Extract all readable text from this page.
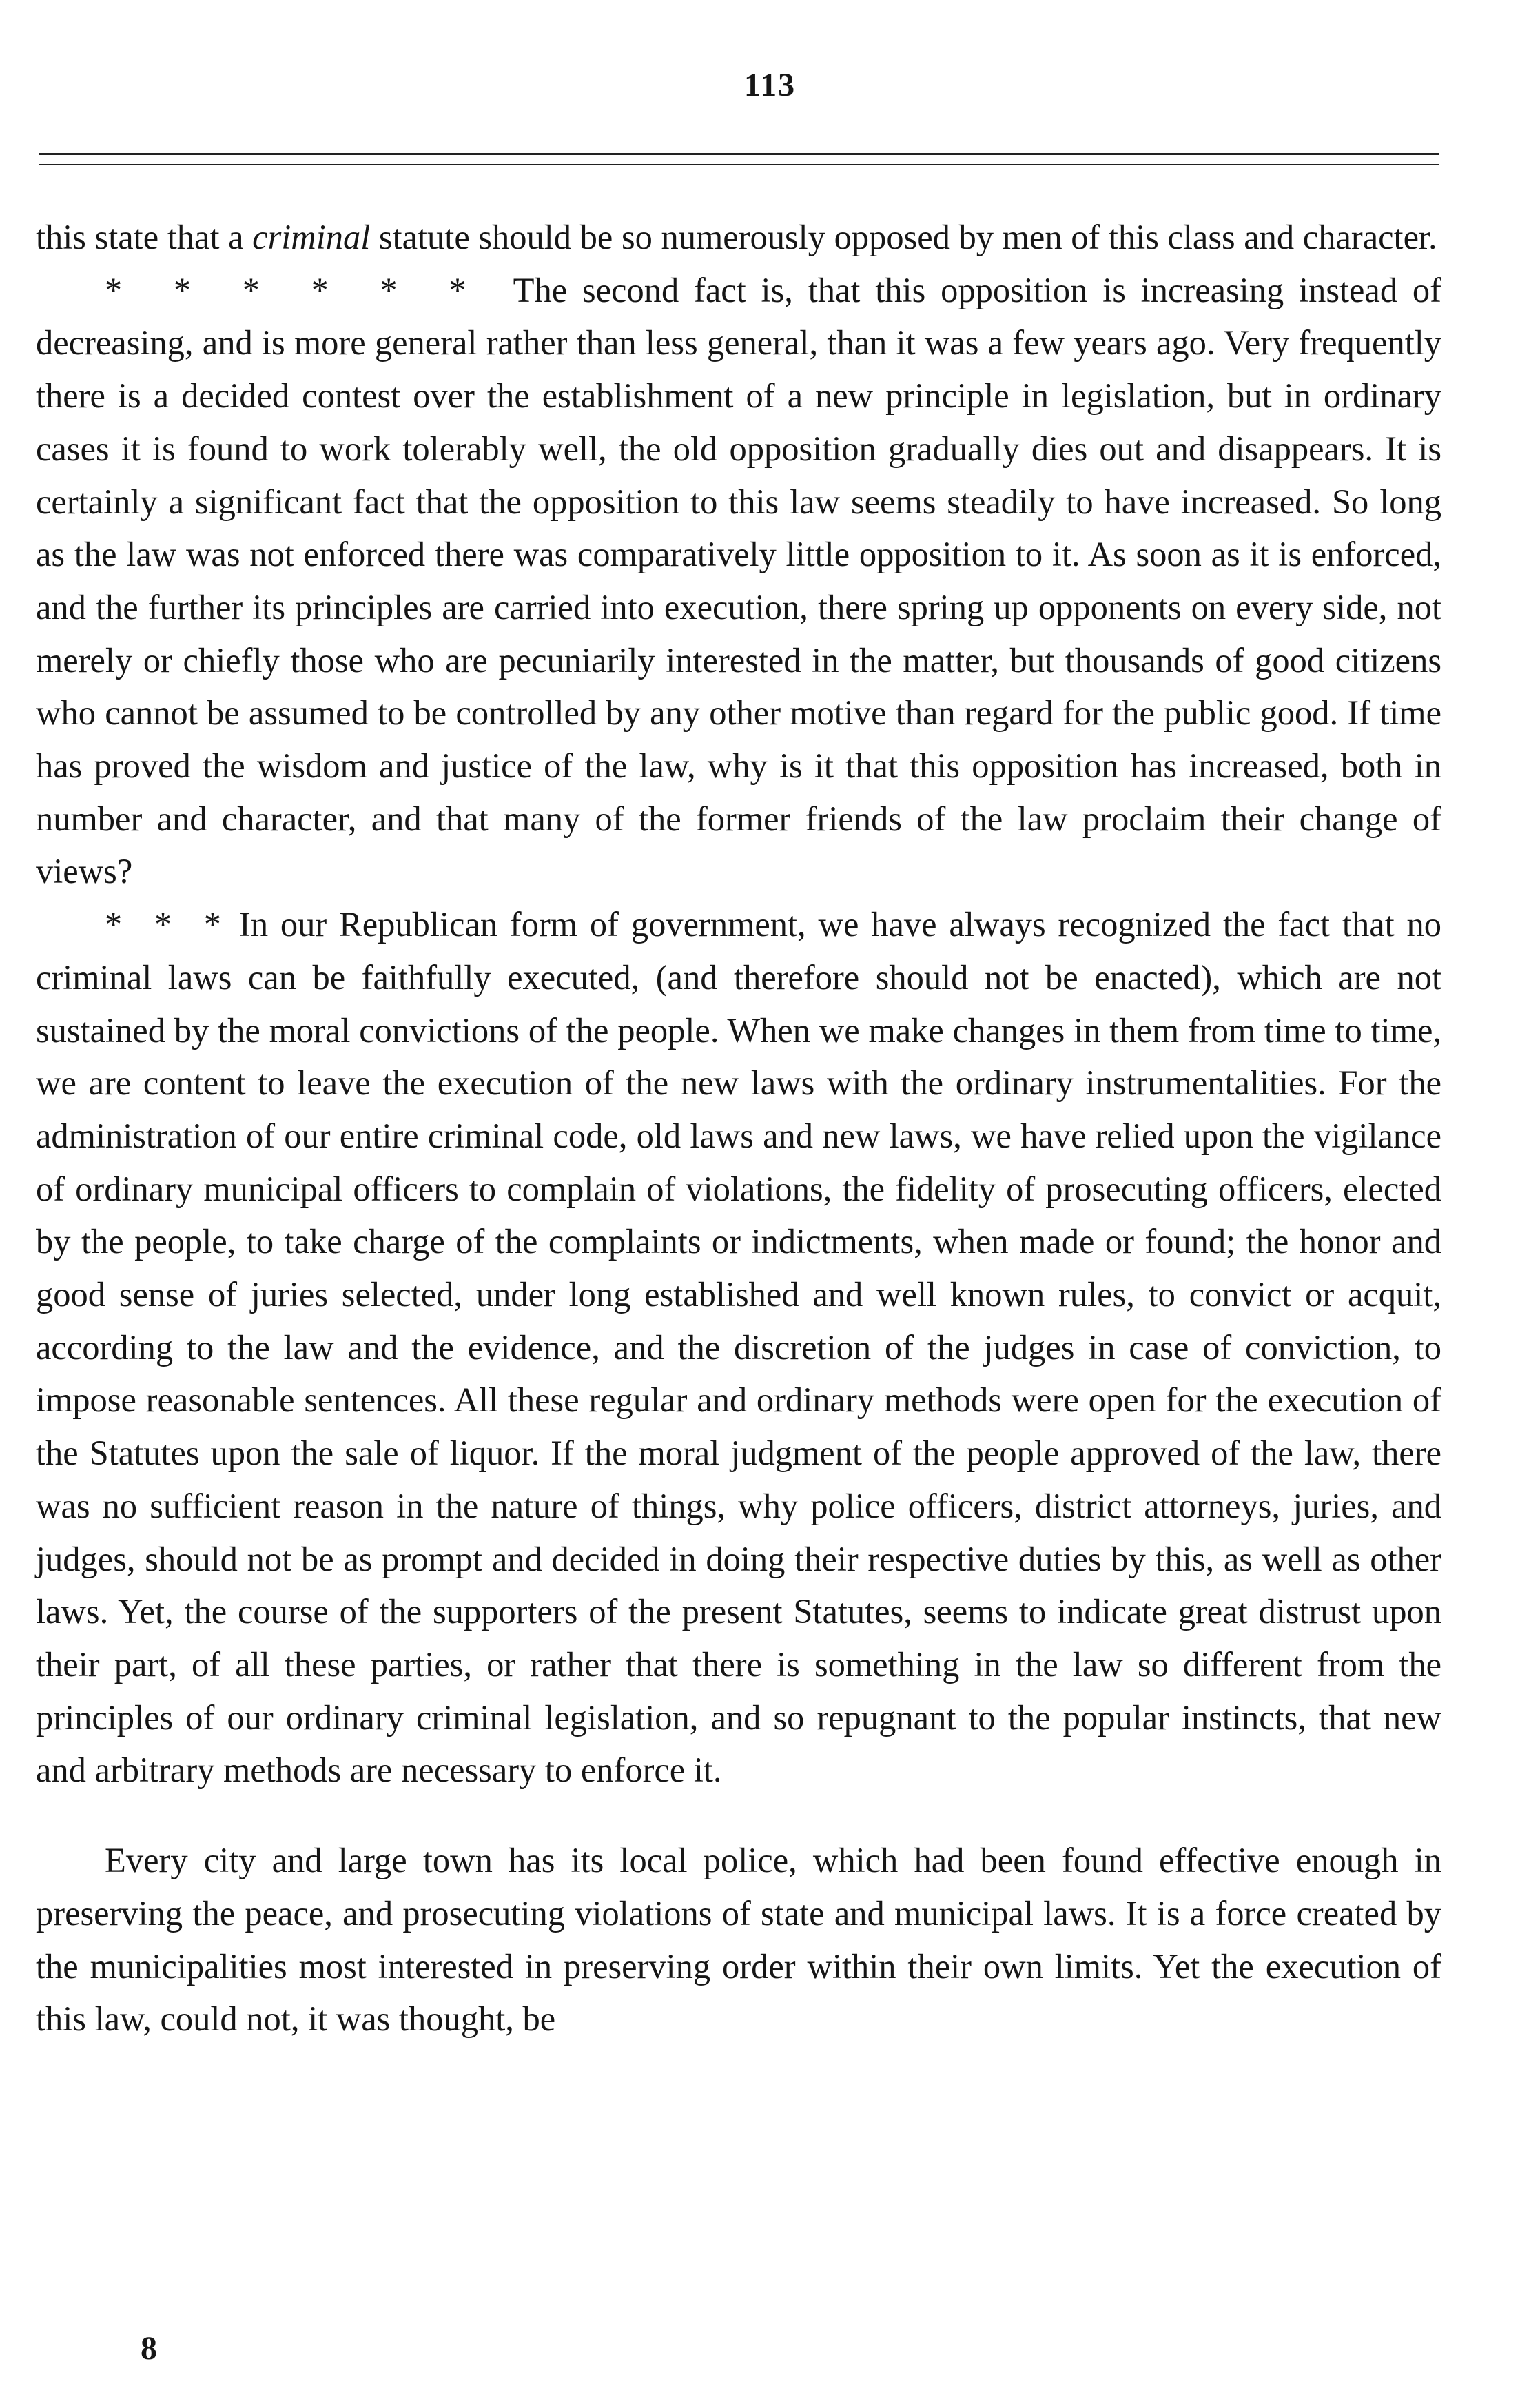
113

this state that a criminal statute should be so numerously opposed by men of this class and character.

* * * * * * The second fact is, that this opposition is increasing instead of decreasing, and is more general rather than less general, than it was a few years ago. Very frequently there is a decided contest over the establishment of a new principle in legislation, but in ordinary cases it is found to work tolerably well, the old opposition gradually dies out and disappears. It is certainly a significant fact that the opposition to this law seems steadily to have increased. So long as the law was not enforced there was comparatively little opposition to it. As soon as it is enforced, and the further its principles are carried into execution, there spring up opponents on every side, not merely or chiefly those who are pecuniarily interested in the matter, but thousands of good citizens who cannot be assumed to be controlled by any other motive than regard for the public good. If time has proved the wisdom and justice of the law, why is it that this opposition has increased, both in number and character, and that many of the former friends of the law proclaim their change of views?

* * * In our Republican form of government, we have always recognized the fact that no criminal laws can be faithfully executed, (and therefore should not be enacted), which are not sustained by the moral convictions of the people. When we make changes in them from time to time, we are content to leave the execution of the new laws with the ordinary instrumentalities. For the administration of our entire criminal code, old laws and new laws, we have relied upon the vigilance of ordinary municipal officers to complain of violations, the fidelity of prosecuting officers, elected by the people, to take charge of the complaints or indictments, when made or found; the honor and good sense of juries selected, under long established and well known rules, to convict or acquit, according to the law and the evidence, and the discretion of the judges in case of conviction, to impose reasonable sentences. All these regular and ordinary methods were open for the execution of the Statutes upon the sale of liquor. If the moral judgment of the people approved of the law, there was no sufficient reason in the nature of things, why police officers, district attorneys, juries, and judges, should not be as prompt and decided in doing their respective duties by this, as well as other laws. Yet, the course of the supporters of the present Statutes, seems to indicate great distrust upon their part, of all these parties, or rather that there is something in the law so different from the principles of our ordinary criminal legislation, and so repugnant to the popular instincts, that new and arbitrary methods are necessary to enforce it.

Every city and large town has its local police, which had been found effective enough in preserving the peace, and prosecuting violations of state and municipal laws. It is a force created by the municipalities most interested in preserving order within their own limits. Yet the execution of this law, could not, it was thought, be

8
